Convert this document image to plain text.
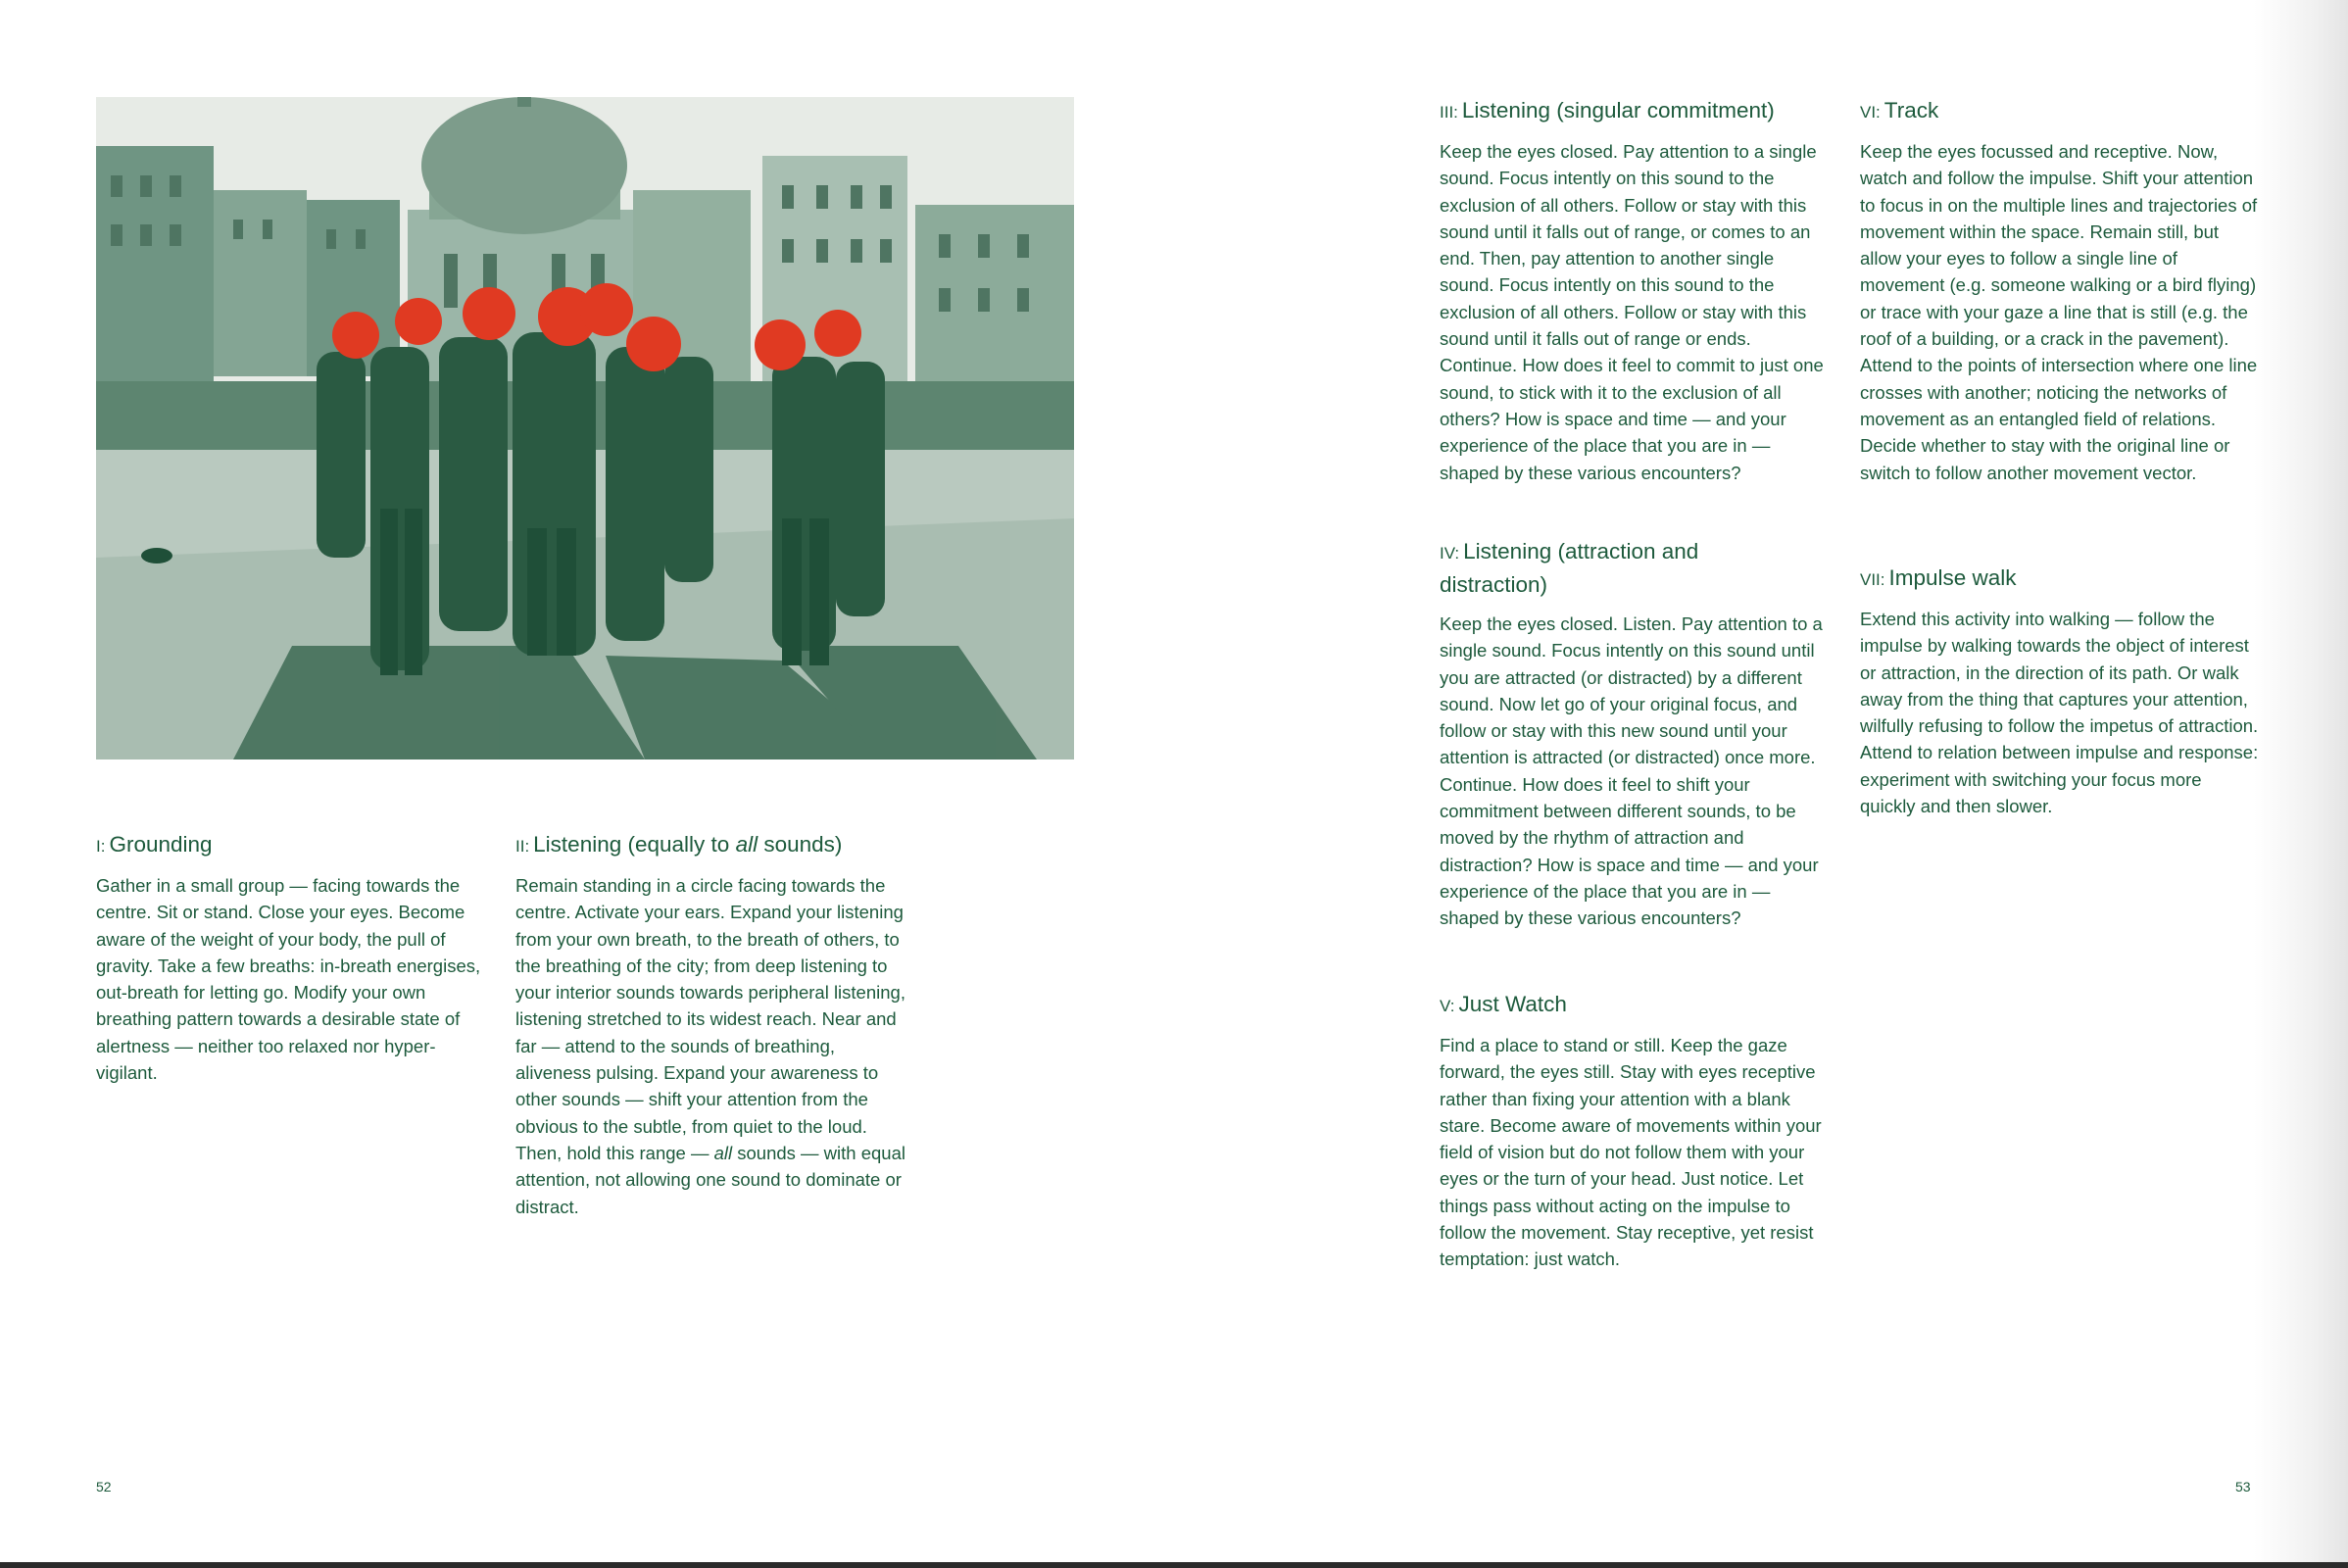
I: Grounding

Gather in a small group — facing towards the centre. Sit or stand. Close your eyes. Become aware of the weight of your body, the pull of gravity. Take a few breaths: in-breath energises, out-breath for letting go. Modify your own breathing pattern towards a desirable state of alertness — neither too relaxed nor hyper-vigilant.

II: Listening (equally to all sounds)

Remain standing in a circle facing towards the centre. Activate your ears. Expand your listening from your own breath, to the breath of others, to the breathing of the city; from deep listening to your interior sounds towards peripheral listening, listening stretched to its widest reach. Near and far — attend to the sounds of breathing, aliveness pulsing. Expand your awareness to other sounds — shift your attention from the obvious to the subtle, from quiet to the loud. Then, hold this range — all sounds — with equal attention, not allowing one sound to dominate or distract.

52
III: Listening (singular commitment)

Keep the eyes closed. Pay attention to a single sound. Focus intently on this sound to the exclusion of all others. Follow or stay with this sound until it falls out of range, or comes to an end. Then, pay attention to another single sound. Focus intently on this sound to the exclusion of all others. Follow or stay with this sound until it falls out of range or ends. Continue. How does it feel to commit to just one sound, to stick with it to the exclusion of all others? How is space and time — and your experience of the place that you are in — shaped by these various encounters?

IV: Listening (attraction and distraction)

Keep the eyes closed. Listen. Pay attention to a single sound. Focus intently on this sound until you are attracted (or distracted) by a different sound. Now let go of your original focus, and follow or stay with this new sound until your attention is attracted (or distracted) once more. Continue. How does it feel to shift your commitment between different sounds, to be moved by the rhythm of attraction and distraction? How is space and time — and your experience of the place that you are in — shaped by these various encounters?

V: Just Watch

Find a place to stand or still. Keep the gaze forward, the eyes still. Stay with eyes receptive rather than fixing your attention with a blank stare. Become aware of movements within your field of vision but do not follow them with your eyes or the turn of your head. Just notice. Let things pass without acting on the impulse to follow the movement. Stay receptive, yet resist temptation: just watch.

VI: Track

Keep the eyes focussed and receptive. Now, watch and follow the impulse. Shift your attention to focus in on the multiple lines and trajectories of movement within the space. Remain still, but allow your eyes to follow a single line of movement (e.g. someone walking or a bird flying) or trace with your gaze a line that is still (e.g. the roof of a building, or a crack in the pavement). Attend to the points of intersection where one line crosses with another; noticing the networks of movement as an entangled field of relations. Decide whether to stay with the original line or switch to follow another movement vector.

VII: Impulse walk

Extend this activity into walking — follow the impulse by walking towards the object of interest or attraction, in the direction of its path. Or walk away from the thing that captures your attention, wilfully refusing to follow the impetus of attraction. Attend to relation between impulse and response: experiment with switching your focus more quickly and then slower.

53
